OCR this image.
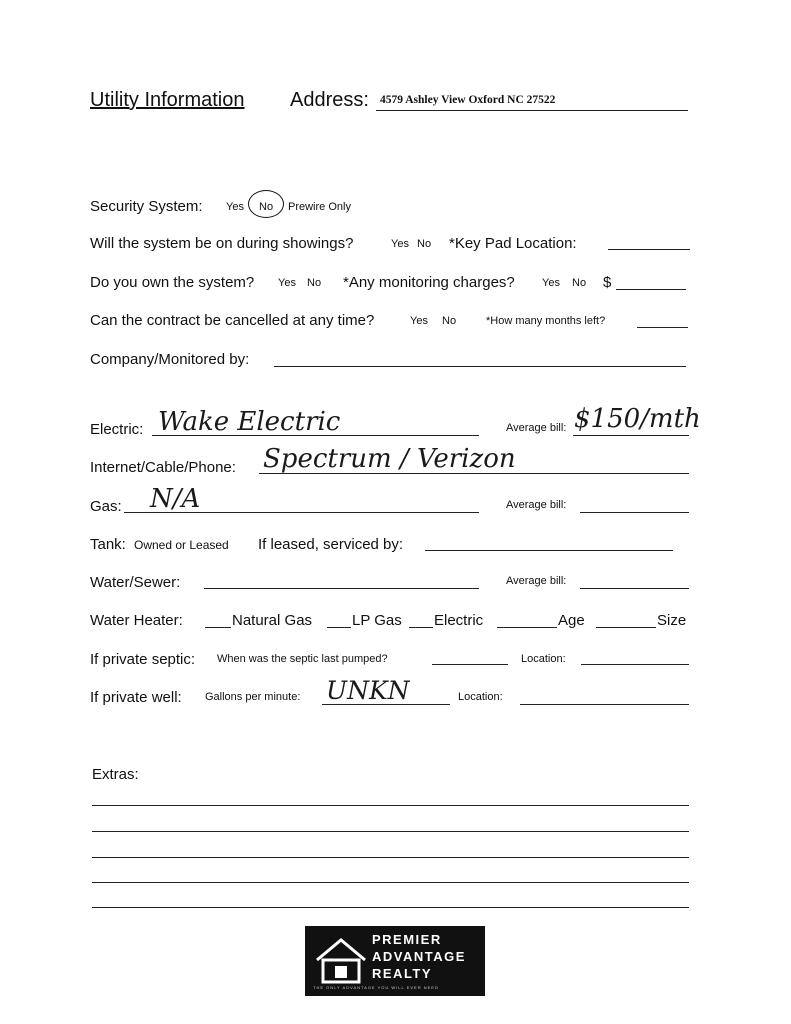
Utility Information Address: 4579 Ashley View Oxford NC 27522
Security System: Yes No Prewire Only
Will the system be on during showings?	Yes No *Key Pad Location:
Do you own the system? Yes No *Any monitoring charges? Yes No $
Can the contract be cancelled at any time?	Yes No	*How many months left?
Company/Monitored by:
Electric: Wake Electric	Average bill: $150/mth
Internet/Cable/Phone: Spectrum / Verizon
Gas: N/A	Average bill:
Tank: Owned or Leased If leased, serviced by:
Water/Sewer:	Average bill:
Water Heater:	Natural Gas	LP Gas Electric	Age	Size
If private septic: When was the septic last pumped?	Location:
If private well: Gallons per minute: UNKN	Location:
Extras:
PREMIER
ADVANTAGE
REALTY
THE ONLY ADVANTAGE YOU WILL EVER NEED
